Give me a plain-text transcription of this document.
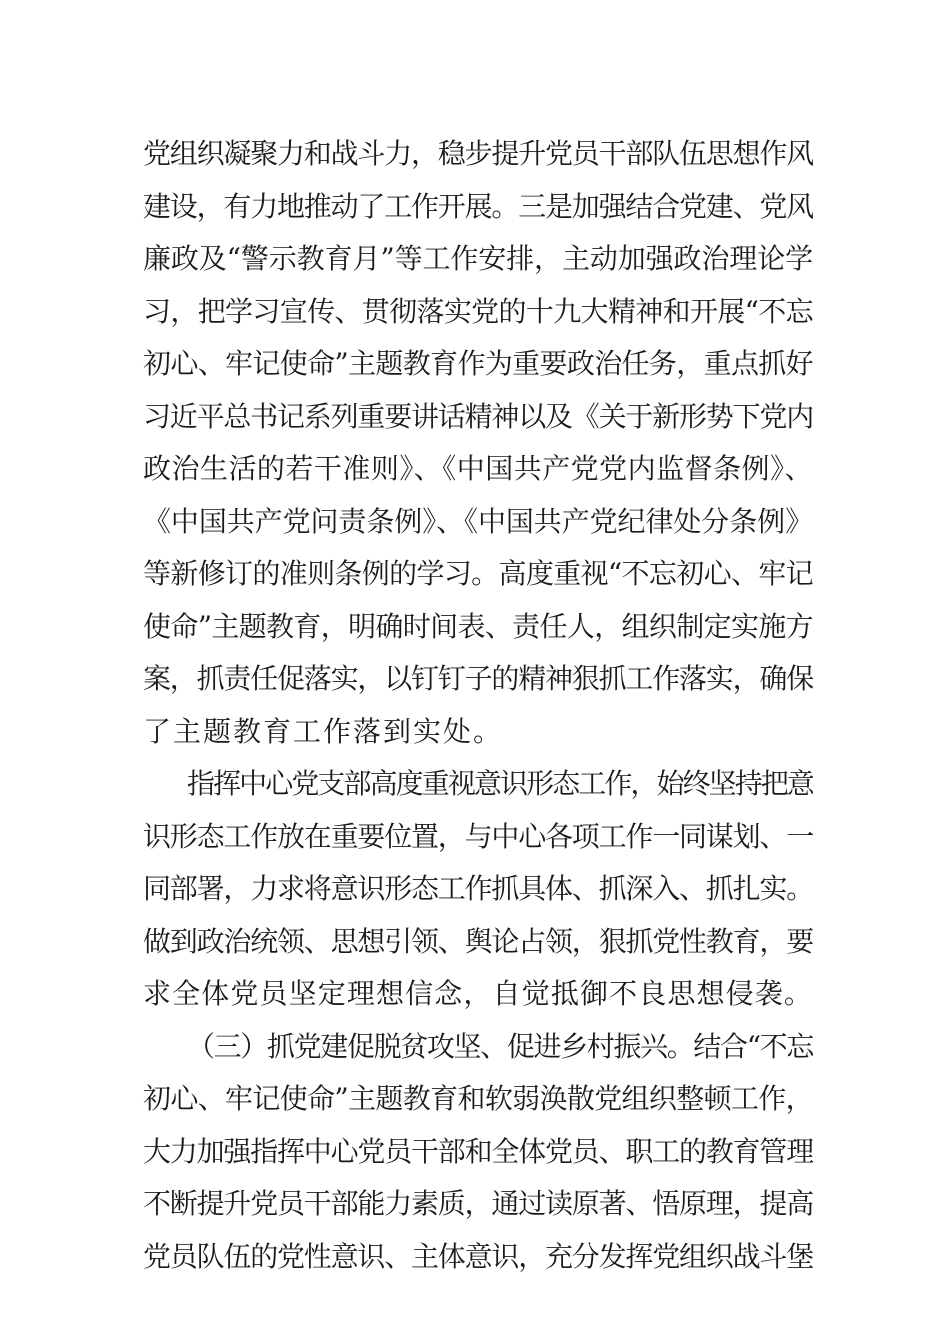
党组织凝聚力和战斗力，稳步提升党员干部队伍思想作风
建设，有力地推动了工作开展。三是加强结合党建、党风
廉政及“警示教育月”等工作安排，主动加强政治理论学
习，把学习宣传、贯彻落实党的十九大精神和开展“不忘
初心、牢记使命”主题教育作为重要政治任务，重点抓好
习近平总书记系列重要讲话精神以及《关于新形势下党内
政治生活的若干准则》、《中国共产党党内监督条例》、
《中国共产党问责条例》、《中国共产党纪律处分条例》
等新修订的准则条例的学习。高度重视“不忘初心、牢记
使命”主题教育，明确时间表、责任人，组织制定实施方
案，抓责任促落实，以钉钉子的精神狠抓工作落实，确保
了主题教育工作落到实处。
指挥中心党支部高度重视意识形态工作，始终坚持把意
识形态工作放在重要位置，与中心各项工作一同谋划、一
同部署，力求将意识形态工作抓具体、抓深入、抓扎实。
做到政治统领、思想引领、舆论占领，狠抓党性教育，要
求全体党员坚定理想信念，自觉抵御不良思想侵袭。
（三）抓党建促脱贫攻坚、促进乡村振兴。结合“不忘
初心、牢记使命”主题教育和软弱涣散党组织整顿工作，
大力加强指挥中心党员干部和全体党员、职工的教育管理
不断提升党员干部能力素质，通过读原著、悟原理，提高
党员队伍的党性意识、主体意识，充分发挥党组织战斗堡
